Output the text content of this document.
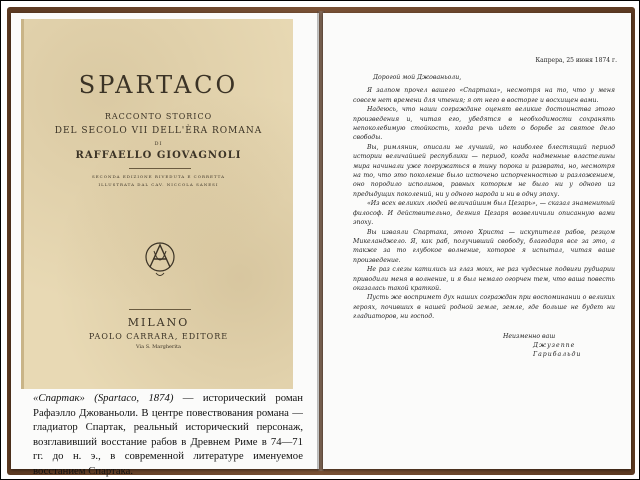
SPARTACO
RACCONTO STORICO
DEL SECOLO VII DELL'ÈRA ROMANA
DI
RAFFAELLO GIOVAGNOLI
SECONDA EDIZIONE RIVEDUTA E CORRETTA
ILLUSTRATA DAL CAV. NICCOLA SANESI
MILANO
PAOLO CARRARA, EDITORE
Via S. Margherita
«Спартак» (Spartaco, 1874) — исторический роман Рафаэлло Джованьоли. В центре повествования романа — гладиатор Спартак, реальный исторический персонаж, возглавивший восстание рабов в Древнем Риме в 74—71 гг. до н. э., в современной литературе именуемое восстанием Спартака.
Капрера, 25 июня 1874 г.
Дорогой мой Джованьоли,

Я залпом прочел вашего «Спартака», несмотря на то, что у меня совсем нет времени для чтения; я от него в восторге и восхищен вами.

Надеюсь, что наши сограждане оценят великие достоинства этого произведения и, читая его, убедятся в необходимости сохранять непоколебимую стойкость, когда речь идет о борьбе за святое дело свободы.

Вы, римлянин, описали не лучший, но наиболее блестящий период истории величайшей республики — период, когда надменные властелины мира начинали уже погружаться в тину порока и разврата, но, несмотря на то, что это поколение было источено испорченностью и разложением, оно породило исполинов, равных которым не было ни у одного из предыдущих поколений, ни у одного народа и ни в одну эпоху.

«Из всех великих людей величайшим был Цезарь», — сказал знаменитый философ. И действительно, деяния Цезаря возвеличили описанную вами эпоху.

Вы изваяли Спартака, этого Христа — искупителя рабов, резцом Микеланджело. Я, как раб, получивший свободу, благодаря все за это, а также за то глубокое волнение, которое я испытал, читая ваше произведение.

Не раз слезы катились из глаз моих, не раз чудесные подвиги рудиарии приводили меня в волнение, и я был немало огорчен тем, что ваша повесть оказалась такой краткой.

Пусть же воспримет дух наших сограждан при воспоминании о великих героях, почивших в нашей родной земле, земле, где больше не будет ни гладиаторов, ни господ.

Неизменно ваш
Джузеппе Гарибальди
